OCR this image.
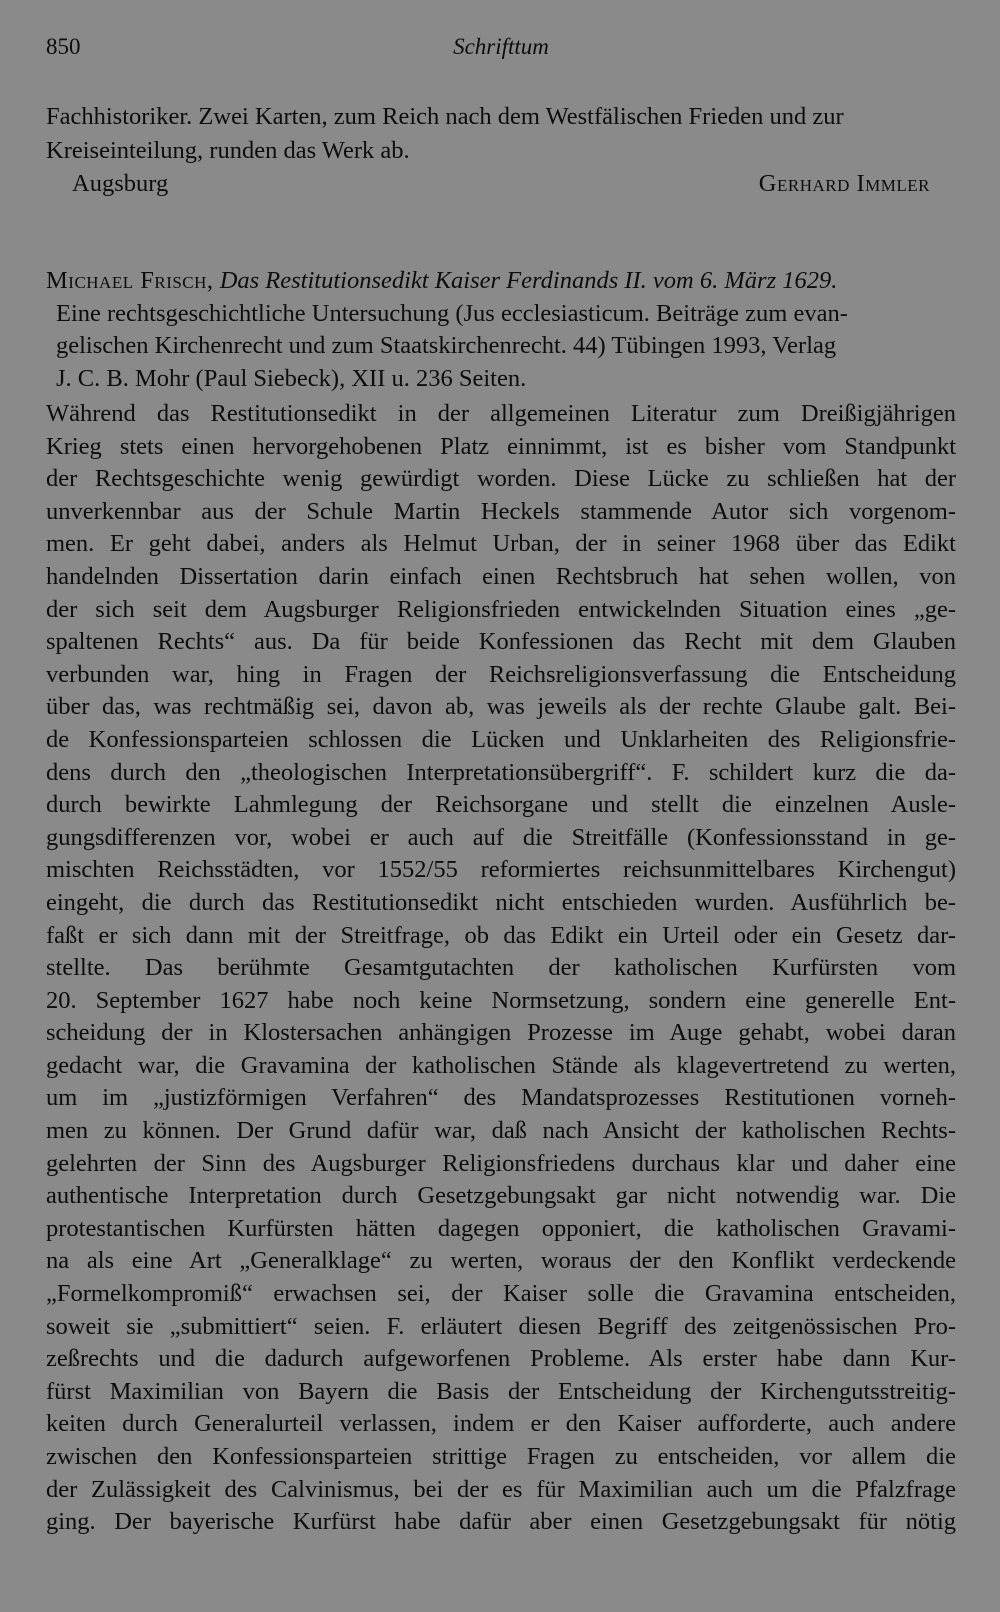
850	Schrifttum
Fachhistoriker. Zwei Karten, zum Reich nach dem Westfälischen Frieden und zur
Kreiseinteilung, runden das Werk ab.
Augsburg	Gerhard Immler
Michael Frisch, Das Restitutionsedikt Kaiser Ferdinands II. vom 6. März 1629.
Eine rechtsgeschichtliche Untersuchung (Jus ecclesiasticum. Beiträge zum evan-
gelischen Kirchenrecht und zum Staatskirchenrecht. 44) Tübingen 1993, Verlag
J. C. B. Mohr (Paul Siebeck), XII u. 236 Seiten.
Während das Restitutionsedikt in der allgemeinen Literatur zum Dreißigjährigen
Krieg stets einen hervorgehobenen Platz einnimmt, ist es bisher vom Standpunkt
der Rechtsgeschichte wenig gewürdigt worden. Diese Lücke zu schließen hat der
unverkennbar aus der Schule Martin Heckels stammende Autor sich vorgenom-
men. Er geht dabei, anders als Helmut Urban, der in seiner 1968 über das Edikt
handelnden Dissertation darin einfach einen Rechtsbruch hat sehen wollen, von
der sich seit dem Augsburger Religionsfrieden entwickelnden Situation eines „ge-
spaltenen Rechts“ aus. Da für beide Konfessionen das Recht mit dem Glauben
verbunden war, hing in Fragen der Reichsreligionsverfassung die Entscheidung
über das, was rechtmäßig sei, davon ab, was jeweils als der rechte Glaube galt. Bei-
de Konfessionsparteien schlossen die Lücken und Unklarheiten des Religionsfrie-
dens durch den „theologischen Interpretationsübergriff“. F. schildert kurz die da-
durch bewirkte Lahmlegung der Reichsorgane und stellt die einzelnen Ausle-
gungsdifferenzen vor, wobei er auch auf die Streitfälle (Konfessionsstand in ge-
mischten Reichsstädten, vor 1552/55 reformiertes reichsunmittelbares Kirchengut)
eingeht, die durch das Restitutionsedikt nicht entschieden wurden. Ausführlich be-
faßt er sich dann mit der Streitfrage, ob das Edikt ein Urteil oder ein Gesetz dar-
stellte. Das berühmte Gesamtgutachten der katholischen Kurfürsten vom
20. September 1627 habe noch keine Normsetzung, sondern eine generelle Ent-
scheidung der in Klostersachen anhängigen Prozesse im Auge gehabt, wobei daran
gedacht war, die Gravamina der katholischen Stände als klagevertretend zu werten,
um im „justizförmigen Verfahren“ des Mandatsprozesses Restitutionen vorneh-
men zu können. Der Grund dafür war, daß nach Ansicht der katholischen Rechts-
gelehrten der Sinn des Augsburger Religionsfriedens durchaus klar und daher eine
authentische Interpretation durch Gesetzgebungsakt gar nicht notwendig war. Die
protestantischen Kurfürsten hätten dagegen opponiert, die katholischen Gravami-
na als eine Art „Generalklage“ zu werten, woraus der den Konflikt verdeckende
„Formelkompromiß“ erwachsen sei, der Kaiser solle die Gravamina entscheiden,
soweit sie „submittiert“ seien. F. erläutert diesen Begriff des zeitgenössischen Pro-
zeßrechts und die dadurch aufgeworfenen Probleme. Als erster habe dann Kur-
fürst Maximilian von Bayern die Basis der Entscheidung der Kirchengutsstreitig-
keiten durch Generalurteil verlassen, indem er den Kaiser aufforderte, auch andere
zwischen den Konfessionsparteien strittige Fragen zu entscheiden, vor allem die
der Zulässigkeit des Calvinismus, bei der es für Maximilian auch um die Pfalzfrage
ging. Der bayerische Kurfürst habe dafür aber einen Gesetzgebungsakt für nötig
